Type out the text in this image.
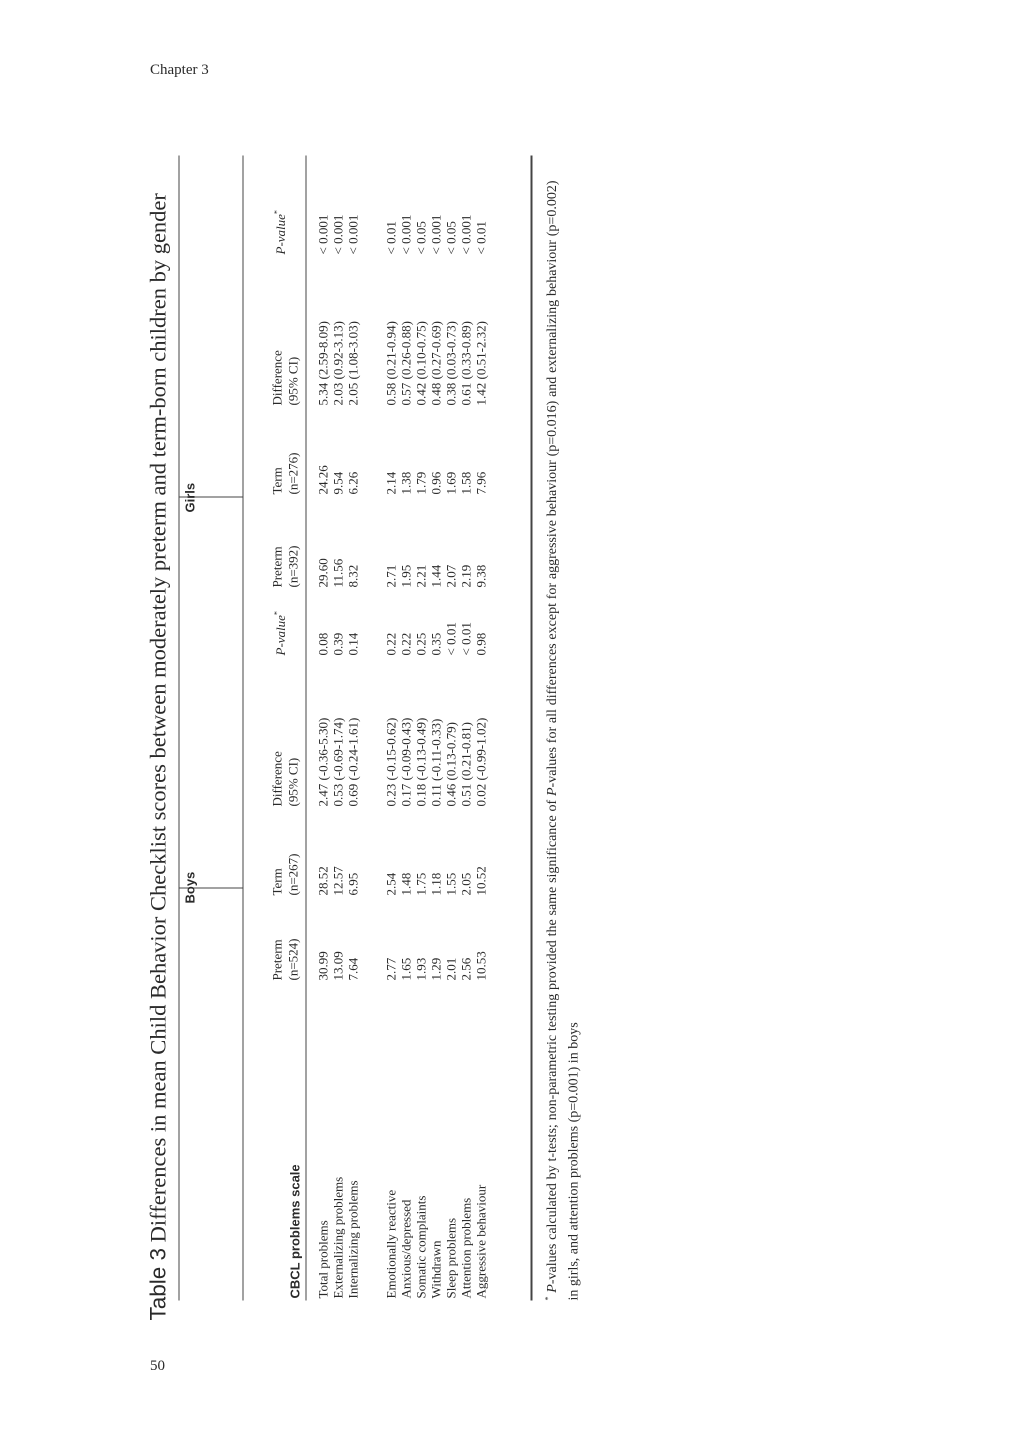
50
Chapter 3
Table 3 Differences in mean Child Behavior Checklist scores between moderately preterm and term-born children by gender Boys
Girls
Preterm
(n=524)
Term
(n=267)
Difference
(95% CI)
P-value*
Preterm
(n=392)
Term
(n=276)
Difference
(95% CI)
P-value*
CBCL problems scale Total problems
30.99
28.52
2.47 (-0.36-5.30)
0.08
29.60
24.26
5.34 (2.59-8.09)
< 0.001
Externalizing problems
13.09
12.57
0.53 (-0.69-1.74)
0.39
11.56
9.54
2.03 (0.92-3.13)
< 0.001
Internalizing problems
7.64
6.95
0.69 (-0.24-1.61)
0.14
8.32
6.26
2.05 (1.08-3.03)
< 0.001
Emotionally reactive
2.77
2.54
0.23 (-0.15-0.62)
0.22
2.71
2.14
0.58 (0.21-0.94)
< 0.01
Anxious/depressed
1.65
1.48
0.17 (-0.09-0.43)
0.22
1.95
1.38
0.57 (0.26-0.88)
< 0.001
Somatic complaints
1.93
1.75
0.18 (-0.13-0.49)
0.25
2.21
1.79
0.42 (0.10-0.75)
< 0.05
Withdrawn
1.29
1.18
0.11 (-0.11-0.33)
0.35
1.44
0.96
0.48 (0.27-0.69)
< 0.001
Sleep problems
2.01
1.55
0.46 (0.13-0.79)
< 0.01
2.07
1.69
0.38 (0.03-0.73)
< 0.05
Attention problems
2.56
2.05
0.51 (0.21-0.81)
< 0.01
2.19
1.58
0.61 (0.33-0.89)
< 0.001
Aggressive behaviour
10.53
10.52
0.02 (-0.99-1.02)
0.98
9.38
7.96
1.42 (0.51-2.32)
< 0.01
* P-values calculated by t-tests; non-parametric testing provided the same significance of P-values for all differences except for aggressive behaviour (p=0.016) and externalizing behaviour (p=0.002) in girls, and attention problems (p=0.001) in boys
